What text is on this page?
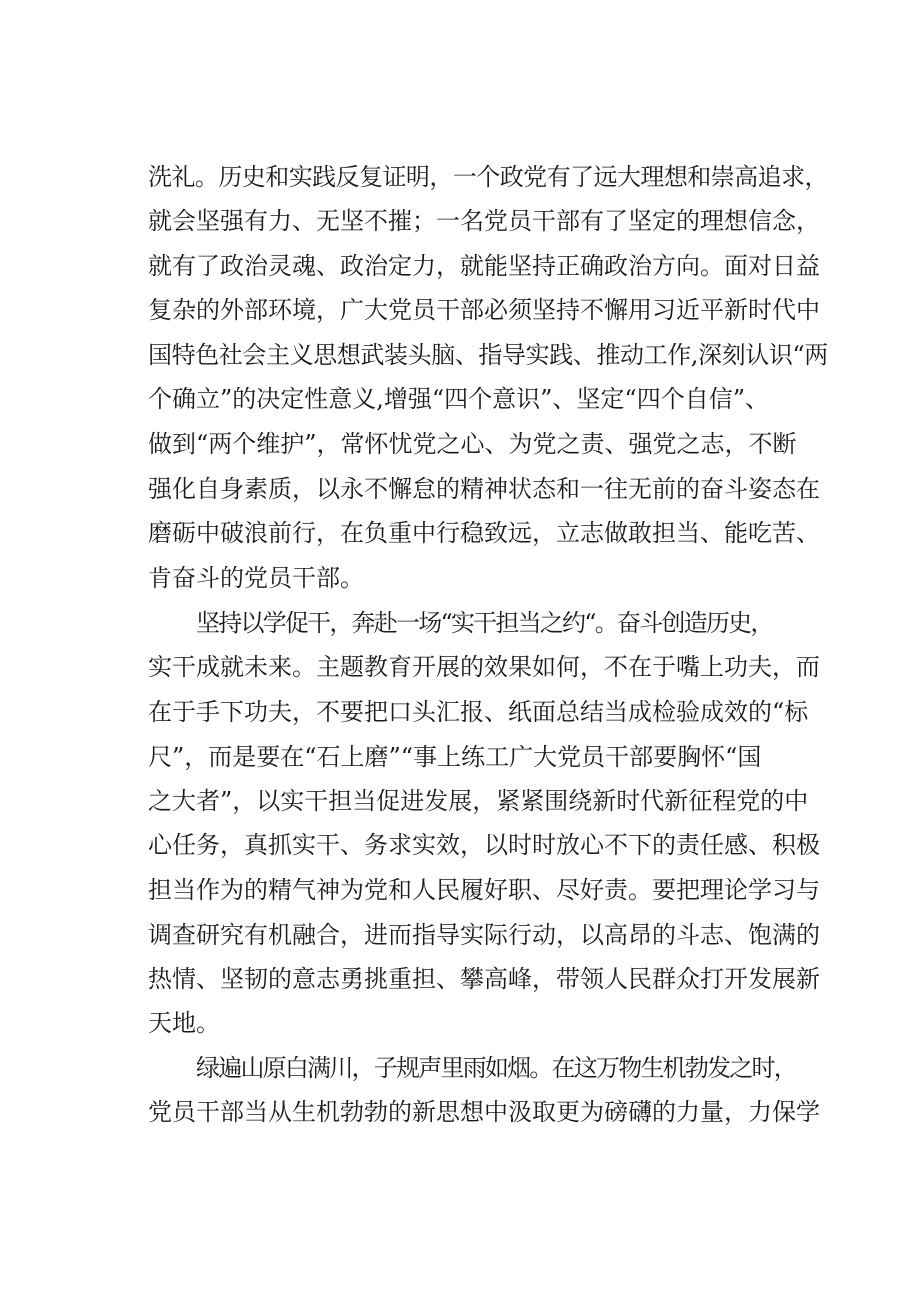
洗礼。历史和实践反复证明，一个政党有了远大理想和崇高追求，
就会坚强有力、无坚不摧；一名党员干部有了坚定的理想信念，
就有了政治灵魂、政治定力，就能坚持正确政治方向。面对日益
复杂的外部环境，广大党员干部必须坚持不懈用习近平新时代中
国特色社会主义思想武装头脑、指导实践、推动工作,深刻认识“两
个确立”的决定性意义,增强“四个意识”、坚定“四个自信”、
做到“两个维护”，常怀忧党之心、为党之责、强党之志，不断
强化自身素质，以永不懈怠的精神状态和一往无前的奋斗姿态在
磨砺中破浪前行，在负重中行稳致远，立志做敢担当、能吃苦、
肯奋斗的党员干部。
坚持以学促干，奔赴一场“实干担当之约“。奋斗创造历史，
实干成就未来。主题教育开展的效果如何，不在于嘴上功夫，而
在于手下功夫，不要把口头汇报、纸面总结当成检验成效的“标
尺”，而是要在“石上磨”“事上练工广大党员干部要胸怀“国
之大者”，以实干担当促进发展，紧紧围绕新时代新征程党的中
心任务，真抓实干、务求实效，以时时放心不下的责任感、积极
担当作为的精气神为党和人民履好职、尽好责。要把理论学习与
调查研究有机融合，进而指导实际行动，以高昂的斗志、饱满的
热情、坚韧的意志勇挑重担、攀高峰，带领人民群众打开发展新
天地。
绿遍山原白满川，子规声里雨如烟。在这万物生机勃发之时，
党员干部当从生机勃勃的新思想中汲取更为磅礴的力量，力保学
